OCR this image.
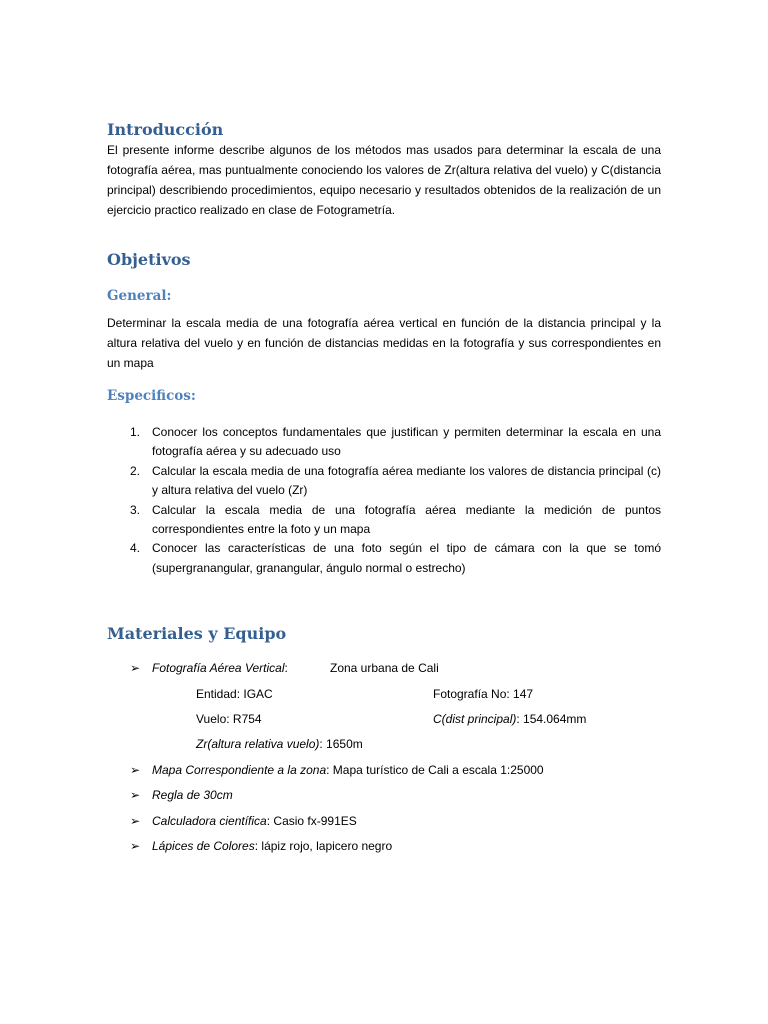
Introducción

El presente informe describe algunos de los métodos mas usados para determinar la escala de una fotografía aérea, mas puntualmente conociendo los valores de Zr(altura relativa del vuelo) y C(distancia principal) describiendo procedimientos, equipo necesario y resultados obtenidos de la realización de un ejercicio practico realizado en clase de Fotogrametría.

Objetivos
General:

Determinar la escala media de una fotografía aérea vertical en función de la distancia principal y la altura relativa del vuelo y en función de distancias medidas en la fotografía y sus correspondientes en un mapa

Especificos:
1. Conocer los conceptos fundamentales que justifican y permiten determinar la escala en una fotografía aérea y su adecuado uso
2. Calcular la escala media de una fotografía aérea mediante los valores de distancia principal (c) y altura relativa del vuelo (Zr)
3. Calcular la escala media de una fotografía aérea mediante la medición de puntos correspondientes entre la foto y un mapa
4. Conocer las características de una foto según el tipo de cámara con la que se tomó (supergranangular, granangular, ángulo normal o estrecho)
Materiales y Equipo
➢ Fotografía Aérea Vertical:	Zona urbana de Cali
Entidad: IGAC	Fotografía No: 147
Vuelo: R754	C(dist principal): 154.064mm
Zr(altura relativa vuelo): 1650m
➢ Mapa Correspondiente a la zona: Mapa turístico de Cali a escala 1:25000
➢ Regla de 30cm
➢ Calculadora científica: Casio fx-991ES
➢ Lápices de Colores: lápiz rojo, lapicero negro
